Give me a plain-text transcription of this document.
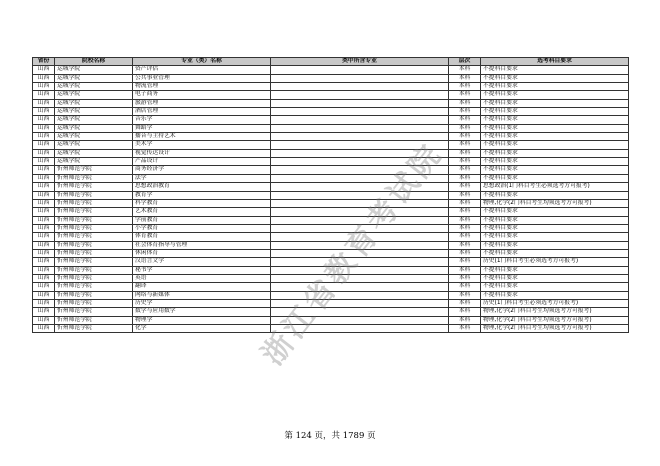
省份	院校名称	专业（类）名称	类中所含专业	层次	选考科目要求
山西	运城学院	资产评估		本科	不提科目要求
山西	运城学院	公共事业管理		本科	不提科目要求
山西	运城学院	物流管理		本科	不提科目要求
山西	运城学院	电子商务		本科	不提科目要求
山西	运城学院	旅游管理		本科	不提科目要求
山西	运城学院	酒店管理		本科	不提科目要求
山西	运城学院	音乐学		本科	不提科目要求
山西	运城学院	舞蹈学		本科	不提科目要求
山西	运城学院	播音与主持艺术		本科	不提科目要求
山西	运城学院	美术学		本科	不提科目要求
山西	运城学院	视觉传达设计		本科	不提科目要求
山西	运城学院	产品设计		本科	不提科目要求
山西	忻州师范学院	商务经济学		本科	不提科目要求
山西	忻州师范学院	法学		本科	不提科目要求
山西	忻州师范学院	思想政治教育		本科	思想政治(1门科目考生必须选考方可报考)
山西	忻州师范学院	教育学		本科	不提科目要求
山西	忻州师范学院	科学教育		本科	物理,化学(2门科目考生均须选考方可报考)
山西	忻州师范学院	艺术教育		本科	不提科目要求
山西	忻州师范学院	学前教育		本科	不提科目要求
山西	忻州师范学院	小学教育		本科	不提科目要求
山西	忻州师范学院	体育教育		本科	不提科目要求
山西	忻州师范学院	社会体育指导与管理		本科	不提科目要求
山西	忻州师范学院	休闲体育		本科	不提科目要求
山西	忻州师范学院	汉语言文学		本科	历史(1门科目考生必须选考方可报考)
山西	忻州师范学院	秘书学		本科	不提科目要求
山西	忻州师范学院	英语		本科	不提科目要求
山西	忻州师范学院	翻译		本科	不提科目要求
山西	忻州师范学院	网络与新媒体		本科	不提科目要求
山西	忻州师范学院	历史学		本科	历史(1门科目考生必须选考方可报考)
山西	忻州师范学院	数学与应用数学		本科	物理,化学(2门科目考生均须选考方可报考)
山西	忻州师范学院	物理学		本科	物理,化学(2门科目考生均须选考方可报考)
山西	忻州师范学院	化学		本科	物理,化学(2门科目考生均须选考方可报考)
浙江省教育考试院
第 124 页，共 1789 页
